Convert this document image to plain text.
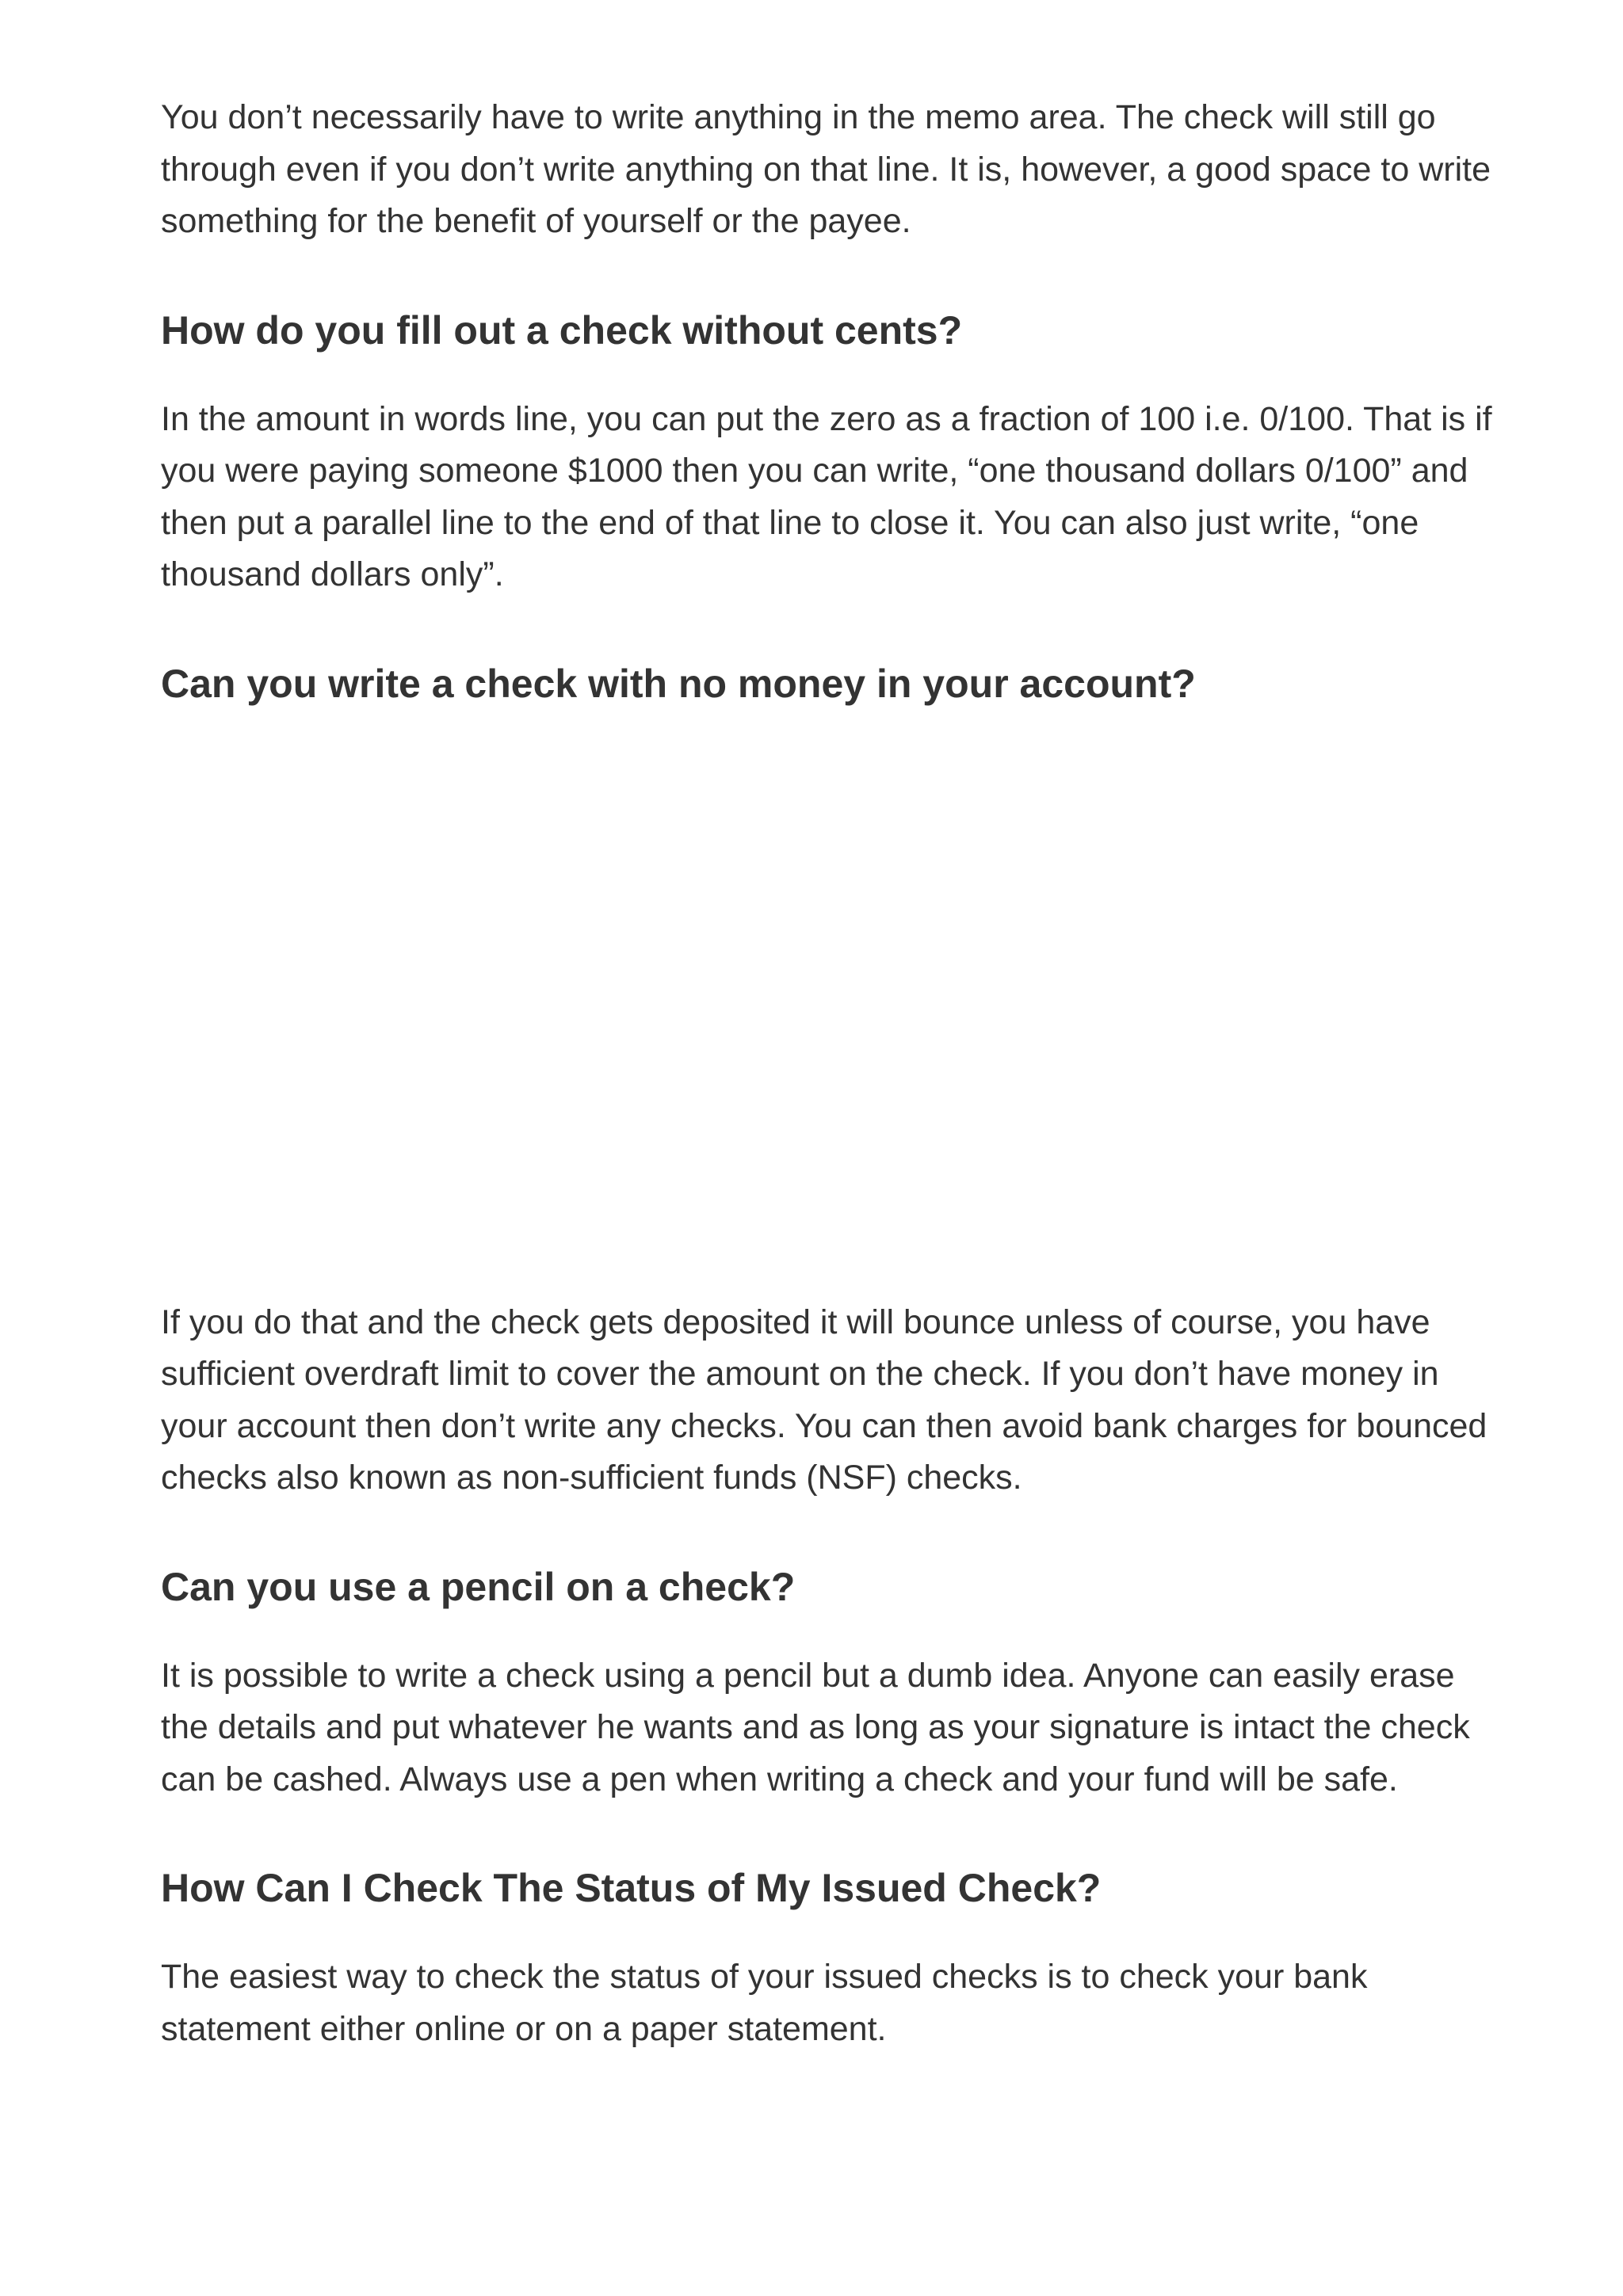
You don’t necessarily have to write anything in the memo area. The check will still go through even if you don’t write anything on that line. It is, however, a good space to write something for the benefit of yourself or the payee.

How do you fill out a check without cents?

In the amount in words line, you can put the zero as a fraction of 100 i.e. 0/100. That is if you were paying someone $1000 then you can write, “one thousand dollars 0/100” and then put a parallel line to the end of that line to close it. You can also just write, “one thousand dollars only”.

Can you write a check with no money in your account?

If you do that and the check gets deposited it will bounce unless of course, you have sufficient overdraft limit to cover the amount on the check. If you don’t have money in your account then don’t write any checks. You can then avoid bank charges for bounced checks also known as non-sufficient funds (NSF) checks.

Can you use a pencil on a check?

It is possible to write a check using a pencil but a dumb idea. Anyone can easily erase the details and put whatever he wants and as long as your signature is intact the check can be cashed. Always use a pen when writing a check and your fund will be safe.

How Can I Check The Status of My Issued Check?

The easiest way to check the status of your issued checks is to check your bank statement either online or on a paper statement.
